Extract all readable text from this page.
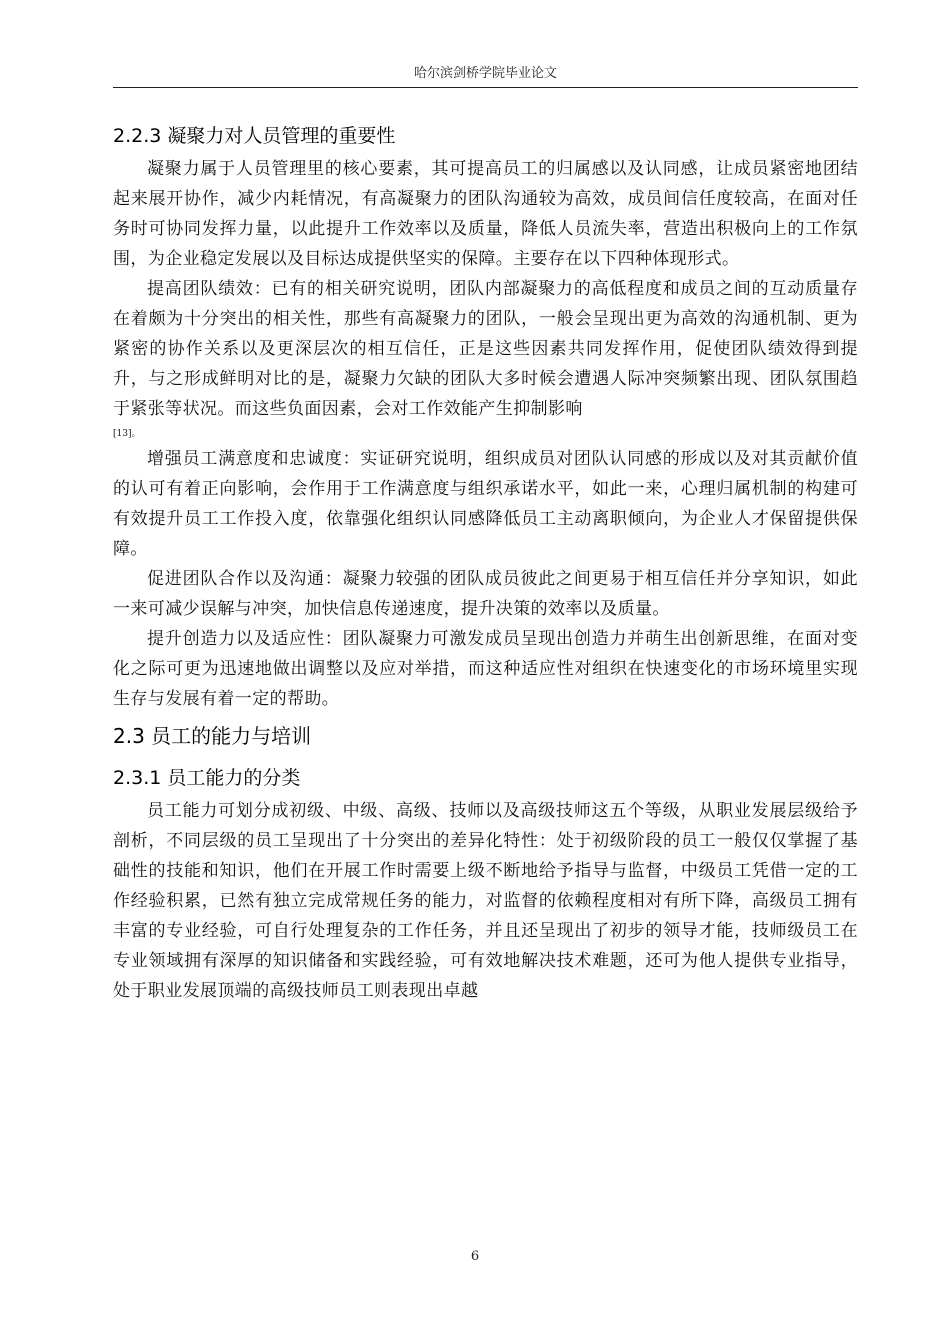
哈尔滨剑桥学院毕业论文
2.2.3 凝聚力对人员管理的重要性

凝聚力属于人员管理里的核心要素，其可提高员工的归属感以及认同感，让成员紧密地团结起来展开协作，减少内耗情况，有高凝聚力的团队沟通较为高效，成员间信任度较高，在面对任务时可协同发挥力量，以此提升工作效率以及质量，降低人员流失率，营造出积极向上的工作氛围，为企业稳定发展以及目标达成提供坚实的保障。主要存在以下四种体现形式。

提高团队绩效：已有的相关研究说明，团队内部凝聚力的高低程度和成员之间的互动质量存在着颇为十分突出的相关性，那些有高凝聚力的团队，一般会呈现出更为高效的沟通机制、更为紧密的协作关系以及更深层次的相互信任，正是这些因素共同发挥作用，促使团队绩效得到提升，与之形成鲜明对比的是，凝聚力欠缺的团队大多时候会遭遇人际冲突频繁出现、团队氛围趋于紧张等状况。而这些负面因素，会对工作效能产生抑制影响
[13]。

增强员工满意度和忠诚度：实证研究说明，组织成员对团队认同感的形成以及对其贡献价值的认可有着正向影响，会作用于工作满意度与组织承诺水平，如此一来，心理归属机制的构建可有效提升员工工作投入度，依靠强化组织认同感降低员工主动离职倾向，为企业人才保留提供保障。

促进团队合作以及沟通：凝聚力较强的团队成员彼此之间更易于相互信任并分享知识，如此一来可减少误解与冲突，加快信息传递速度，提升决策的效率以及质量。

提升创造力以及适应性：团队凝聚力可激发成员呈现出创造力并萌生出创新思维，在面对变化之际可更为迅速地做出调整以及应对举措，而这种适应性对组织在快速变化的市场环境里实现生存与发展有着一定的帮助。

2.3 员工的能力与培训
2.3.1 员工能力的分类

员工能力可划分成初级、中级、高级、技师以及高级技师这五个等级，从职业发展层级给予剖析，不同层级的员工呈现出了十分突出的差异化特性：处于初级阶段的员工一般仅仅掌握了基础性的技能和知识，他们在开展工作时需要上级不断地给予指导与监督，中级员工凭借一定的工作经验积累，已然有独立完成常规任务的能力，对监督的依赖程度相对有所下降，高级员工拥有丰富的专业经验，可自行处理复杂的工作任务，并且还呈现出了初步的领导才能，技师级员工在专业领域拥有深厚的知识储备和实践经验，可有效地解决技术难题，还可为他人提供专业指导，处于职业发展顶端的高级技师员工则表现出卓越

6
